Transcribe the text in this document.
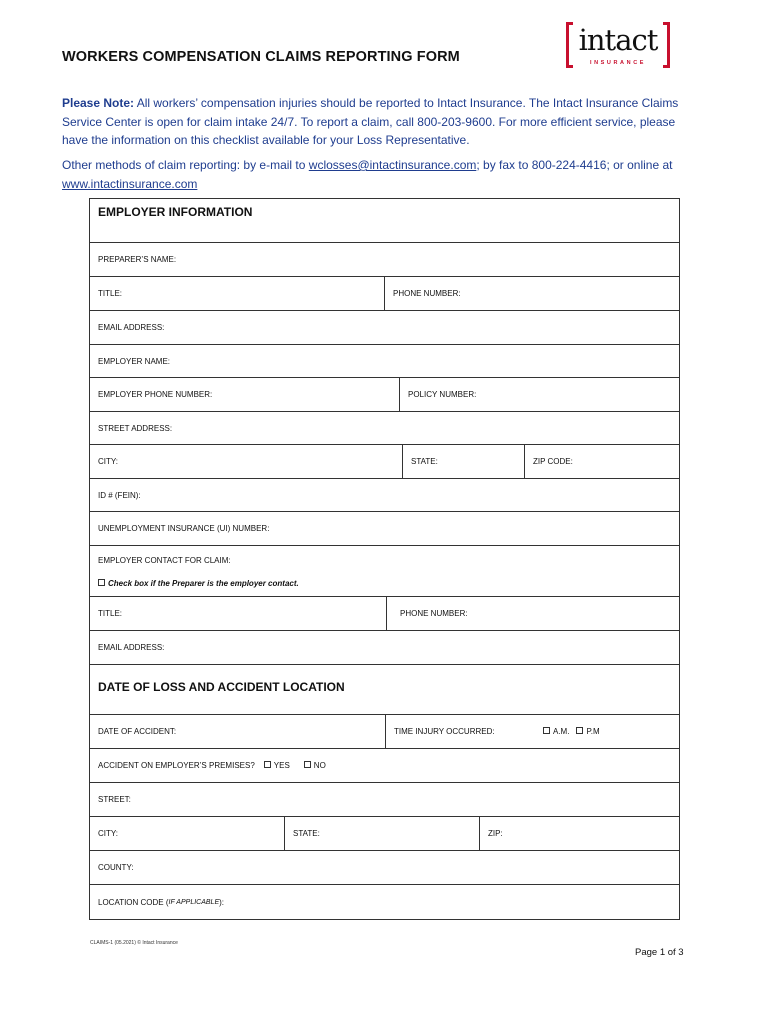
WORKERS COMPENSATION CLAIMS REPORTING FORM	intact
INSURANCE
Please Note: All workers’ compensation injuries should be reported to Intact Insurance. The Intact Insurance Claims Service Center is open for claim intake 24/7. To report a claim, call 800-203-9600. For more efficient service, please have the information on this checklist available for your Loss Representative.
Other methods of claim reporting: by e-mail to wclosses@intactinsurance.com; by fax to 800-224-4416; or online at www.intactinsurance.com
EMPLOYER INFORMATION
PREPARER’S NAME:
TITLE:	PHONE NUMBER:
EMAIL ADDRESS:
EMPLOYER NAME:
EMPLOYER PHONE NUMBER:	POLICY NUMBER:
STREET ADDRESS:
CITY:	STATE:	ZIP CODE:
ID # (FEIN):
UNEMPLOYMENT INSURANCE (UI) NUMBER:
EMPLOYER CONTACT FOR CLAIM:
Check box if the Preparer is the employer contact.
TITLE:	PHONE NUMBER:
EMAIL ADDRESS:
DATE OF LOSS AND ACCIDENT LOCATION
DATE OF ACCIDENT:	TIME INJURY OCCURRED:	A.M. P.M
ACCIDENT ON EMPLOYER’S PREMISES? YES	NO
STREET:
CITY:	STATE:	ZIP:
COUNTY:
LOCATION CODE ( IF APPLICABLE ):
CLAIMS-1 (05.2021) © Intact Insurance
Page 1 of 3
